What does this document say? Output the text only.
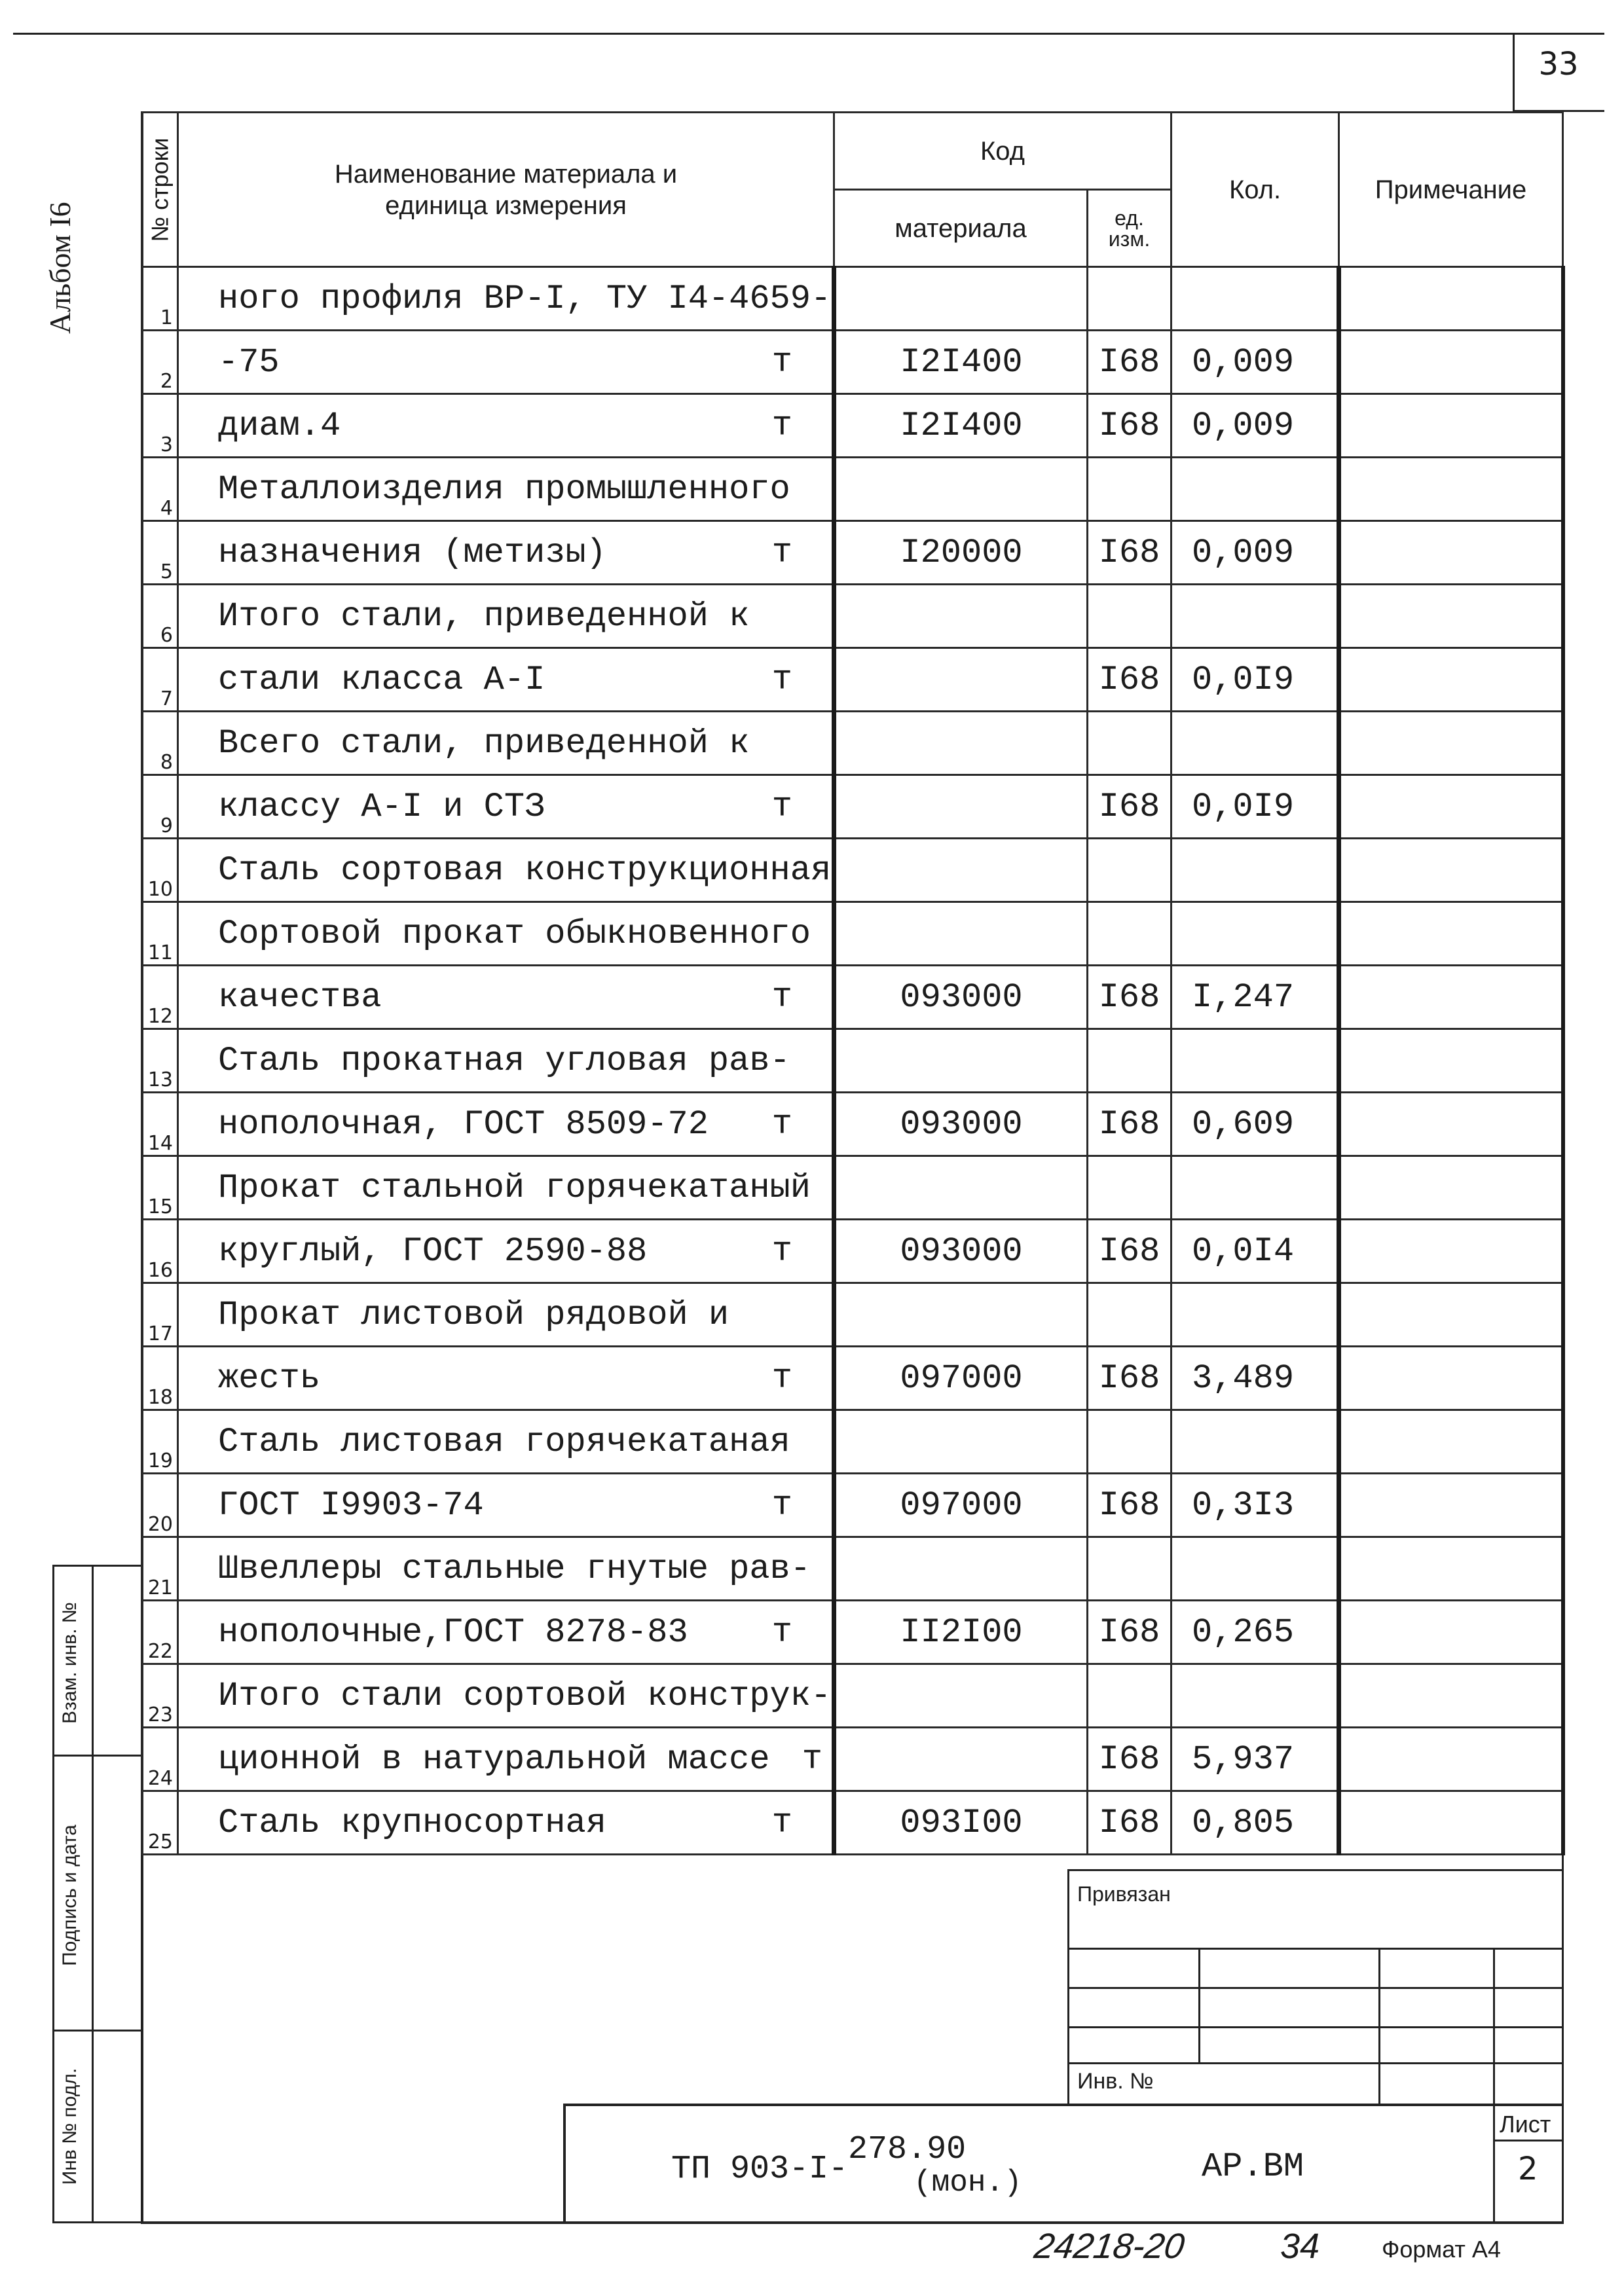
33
Альбом I6
Инв № подл.
Подпись и дата
Взам. инв. №
№ строки	Наименование материала и
единица измерения	Код		Кол.	Примечание
		материала	ед.
изм.		

1	ного профиля ВР-I, ТУ I4-4659-

2	-75 т	I2I400	I68	0,009	
3	диам.4 т	I2I400	I68	0,009	
4	Металлоизделия промышленного

5	назначения (метизы) т	I20000	I68	0,009	
6	Итого стали, приведенной к

7	стали класса А-I т		I68	0,0I9	
8	Всего стали, приведенной к

9	классу А-I и СТЗ т		I68	0,0I9	
10	Сталь сортовая конструкционная

11	Сортовой прокат обыкновенного

12	качества т	093000	I68	I,247	
13	Сталь прокатная угловая рав-

14	нополочная, ГОСТ 8509-72 т	093000	I68	0,609	
15	Прокат стальной горячекатаный

16	круглый, ГОСТ 2590-88 т	093000	I68	0,0I4	
17	Прокат листовой рядовой и

18	жесть т	097000	I68	3,489	
19	Сталь листовая горячекатаная

20	ГОСТ I9903-74 т	097000	I68	0,3I3	
21	Швеллеры стальные гнутые рав-

22	нополочные,ГОСТ 8278-83 т	II2I00	I68	0,265	
23	Итого стали сортовой конструк-

24	ционной в натуральной массе т		I68	5,937	
25	Сталь крупносортная т	093I00	I68	0,805	
Привязан
Инв. №
ТП 903-I-278.90
(мон.)	АР.ВМ
Лист
2
24218-20	34	Формат А4
